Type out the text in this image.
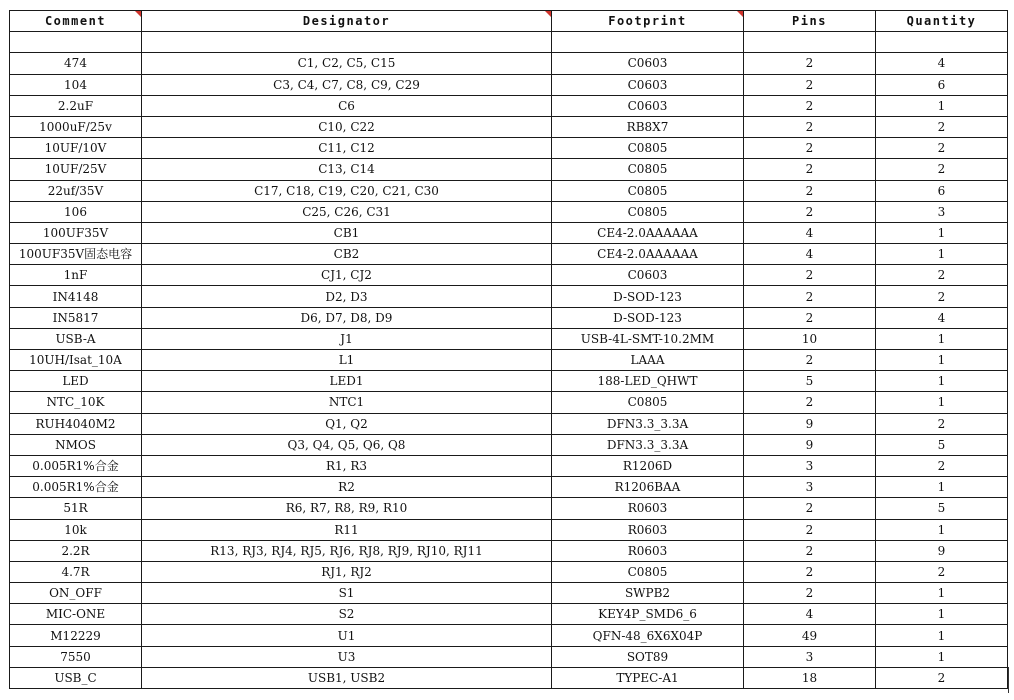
Comment	Designator	Footprint	Pins	Quantity

474	C1, C2, C5, C15	C0603	2	4
104	C3, C4, C7, C8, C9, C29	C0603	2	6
2.2uF	C6	C0603	2	1
1000uF/25v	C10, C22	RB8X7	2	2
10UF/10V	C11, C12	C0805	2	2
10UF/25V	C13, C14	C0805	2	2
22uf/35V	C17, C18, C19, C20, C21, C30	C0805	2	6
106	C25, C26, C31	C0805	2	3
100UF35V	CB1	CE4-2.0AAAAAA	4	1
100UF35V固态电容	CB2	CE4-2.0AAAAAA	4	1
1nF	CJ1, CJ2	C0603	2	2
IN4148	D2, D3	D-SOD-123	2	2
IN5817	D6, D7, D8, D9	D-SOD-123	2	4
USB-A	J1	USB-4L-SMT-10.2MM	10	1
10UH/Isat_10A	L1	LAAA	2	1
LED	LED1	188-LED_QHWT	5	1
NTC_10K	NTC1	C0805	2	1
RUH4040M2	Q1, Q2	DFN3.3_3.3A	9	2
NMOS	Q3, Q4, Q5, Q6, Q8	DFN3.3_3.3A	9	5
0.005R1%合金	R1, R3	R1206D	3	2
0.005R1%合金	R2	R1206BAA	3	1
51R	R6, R7, R8, R9, R10	R0603	2	5
10k	R11	R0603	2	1
2.2R	R13, RJ3, RJ4, RJ5, RJ6, RJ8, RJ9, RJ10, RJ11	R0603	2	9
4.7R	RJ1, RJ2	C0805	2	2
ON_OFF	S1	SWPB2	2	1
MIC-ONE	S2	KEY4P_SMD6_6	4	1
M12229	U1	QFN-48_6X6X04P	49	1
7550	U3	SOT89	3	1
USB_C	USB1, USB2	TYPEC-A1	18	2
